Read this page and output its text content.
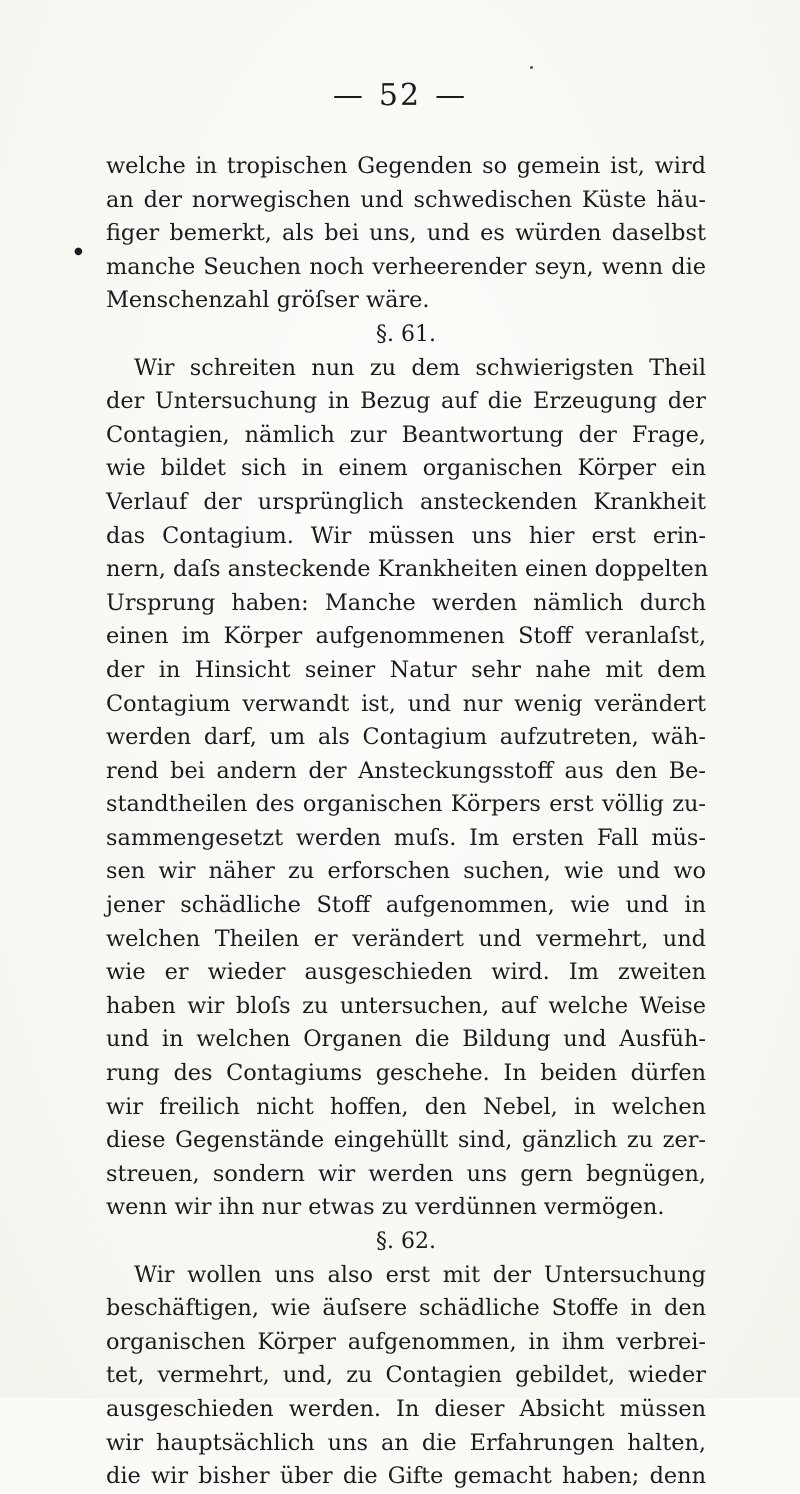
— 52 —
●
welche in tropischen Gegenden so gemein ist, wird
an der norwegischen und schwedischen Küste häu-
figer bemerkt, als bei uns, und es würden daselbst
manche Seuchen noch verheerender seyn, wenn die
Menschenzahl gröſser wäre.
§. 61.
Wir schreiten nun zu dem schwierigsten Theil
der Untersuchung in Bezug auf die Erzeugung der
Contagien, nämlich zur Beantwortung der Frage,
wie bildet sich in einem organischen Körper ein
Verlauf der ursprünglich ansteckenden Krankheit
das Contagium. Wir müssen uns hier erst erin-
nern, daſs ansteckende Krankheiten einen doppelten
Ursprung haben: Manche werden nämlich durch
einen im Körper aufgenommenen Stoff veranlaſst,
der in Hinsicht seiner Natur sehr nahe mit dem
Contagium verwandt ist, und nur wenig verändert
werden darf, um als Contagium aufzutreten, wäh-
rend bei andern der Ansteckungsstoff aus den Be-
standtheilen des organischen Körpers erst völlig zu-
sammengesetzt werden muſs. Im ersten Fall müs-
sen wir näher zu erforschen suchen, wie und wo
jener schädliche Stoff aufgenommen, wie und in
welchen Theilen er verändert und vermehrt, und
wie er wieder ausgeschieden wird. Im zweiten
haben wir bloſs zu untersuchen, auf welche Weise
und in welchen Organen die Bildung und Ausfüh-
rung des Contagiums geschehe. In beiden dürfen
wir freilich nicht hoffen, den Nebel, in welchen
diese Gegenstände eingehüllt sind, gänzlich zu zer-
streuen, sondern wir werden uns gern begnügen,
wenn wir ihn nur etwas zu verdünnen vermögen.
§. 62.
Wir wollen uns also erst mit der Untersuchung
beschäftigen, wie äuſsere schädliche Stoffe in den
organischen Körper aufgenommen, in ihm verbrei-
tet, vermehrt, und, zu Contagien gebildet, wieder
ausgeschieden werden. In dieser Absicht müssen
wir hauptsächlich uns an die Erfahrungen halten,
die wir bisher über die Gifte gemacht haben; denn
